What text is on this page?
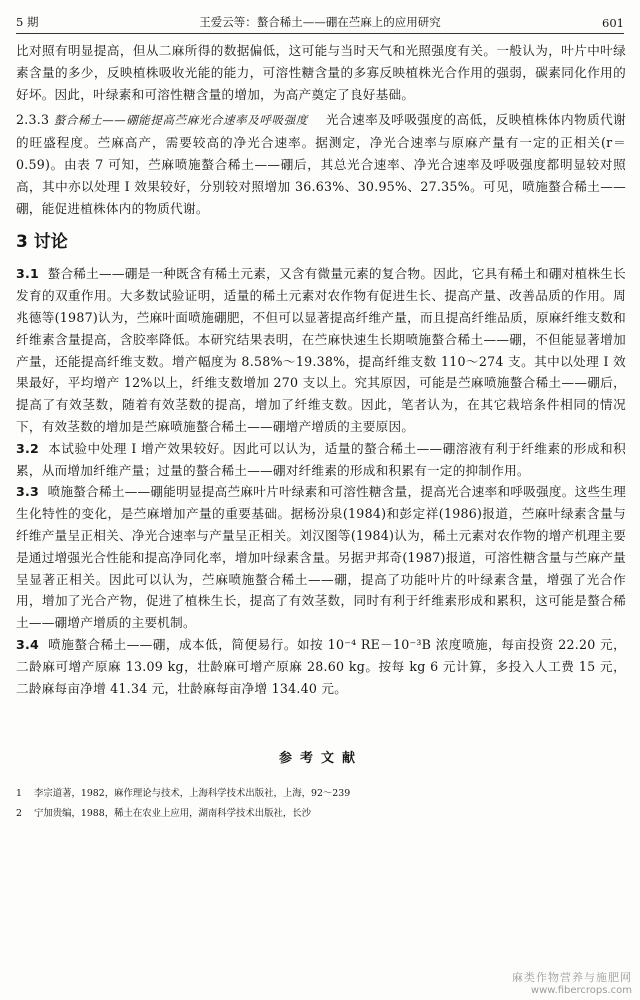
5 期	王爱云等：螯合稀土——硼在苎麻上的应用研究	601

比对照有明显提高，但从二麻所得的数据偏低，这可能与当时天气和光照强度有关。一般认为，叶片中叶绿素含量的多少，反映植株吸收光能的能力，可溶性糖含量的多寡反映植株光合作用的强弱，碳素同化作用的好坏。因此，叶绿素和可溶性糖含量的增加，为高产奠定了良好基础。

2.3.3 螯合稀土——硼能提高苎麻光合速率及呼吸强度 光合速率及呼吸强度的高低，反映植株体内物质代谢的旺盛程度。苎麻高产，需要较高的净光合速率。据测定，净光合速率与原麻产量有一定的正相关(r＝0.59)。由表 7 可知，苎麻喷施螯合稀土——硼后，其总光合速率、净光合速率及呼吸强度都明显较对照高，其中亦以处理 I 效果较好，分别较对照增加 36.63%、30.95%、27.35%。可见，喷施螯合稀土——硼，能促进植株体内的物质代谢。

3 讨论

3.1 螯合稀土——硼是一种既含有稀土元素，又含有微量元素的复合物。因此，它具有稀土和硼对植株生长发育的双重作用。大多数试验证明，适量的稀土元素对农作物有促进生长、提高产量、改善品质的作用。周兆德等(1987)认为，苎麻叶面喷施硼肥，不但可以显著提高纤维产量，而且提高纤维品质，原麻纤维支数和纤维素含量提高，含胶率降低。本研究结果表明，在苎麻快速生长期喷施螯合稀土——硼，不但能显著增加产量，还能提高纤维支数。增产幅度为 8.58%～19.38%，提高纤维支数 110～274 支。其中以处理 I 效果最好，平均增产 12%以上，纤维支数增加 270 支以上。究其原因，可能是苎麻喷施螯合稀土——硼后，提高了有效茎数，随着有效茎数的提高，增加了纤维支数。因此，笔者认为，在其它栽培条件相同的情况下，有效茎数的增加是苎麻喷施螯合稀土——硼增产增质的主要原因。

3.2 本试验中处理 I 增产效果较好。因此可以认为，适量的螯合稀土——硼溶液有利于纤维素的形成和积累，从而增加纤维产量；过量的螯合稀土——硼对纤维素的形成和积累有一定的抑制作用。

3.3 喷施螯合稀土——硼能明显提高苎麻叶片叶绿素和可溶性糖含量，提高光合速率和呼吸强度。这些生理生化特性的变化，是苎麻增加产量的重要基础。据杨汾泉(1984)和彭定祥(1986)报道，苎麻叶绿素含量与纤维产量呈正相关、净光合速率与产量呈正相关。刘汉图等(1984)认为，稀土元素对农作物的增产机理主要是通过增强光合性能和提高净同化率，增加叶绿素含量。另据尹邦奇(1987)报道，可溶性糖含量与苎麻产量呈显著正相关。因此可以认为，苎麻喷施螯合稀土——硼，提高了功能叶片的叶绿素含量，增强了光合作用，增加了光合产物，促进了植株生长，提高了有效茎数，同时有利于纤维素形成和累积，这可能是螯合稀土——硼增产增质的主要机制。

3.4 喷施螯合稀土——硼，成本低，简便易行。如按 10⁻⁴ RE－10⁻³B 浓度喷施，每亩投资 22.20 元，二龄麻可增产原麻 13.09 kg，壮龄麻可增产原麻 28.60 kg。按每 kg 6 元计算，多投入人工费 15 元，二龄麻每亩净增 41.34 元，壮龄麻每亩净增 134.40 元。

参考文献
1	李宗道著，1982，麻作理论与技术，上海科学技术出版社，上海，92～239
2	宁加贵编，1988，稀土在农业上应用，湖南科学技术出版社，长沙
麻类作物营养与施肥网
www.fibercrops.com
